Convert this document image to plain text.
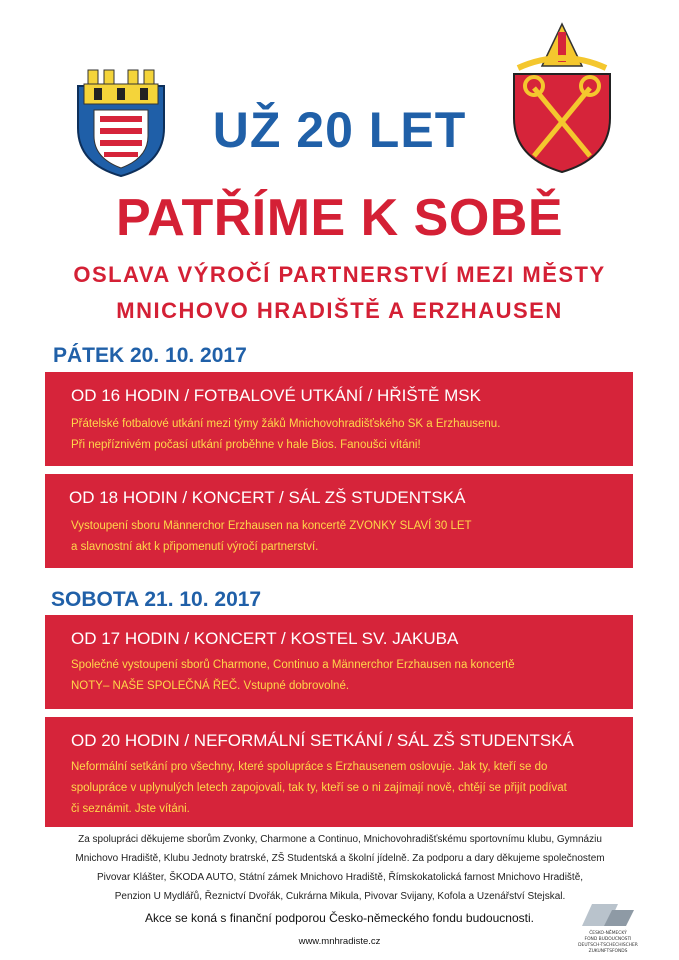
UŽ 20 LET
PATŘÍME K SOBĚ
OSLAVA VÝROČÍ PARTNERSTVÍ MEZI MĚSTY
MNICHOVO HRADIŠTĚ A ERZHAUSEN
PÁTEK 20. 10. 2017
OD 16 HODIN / FOTBALOVÉ UTKÁNÍ / HŘIŠTĚ MSK
Přátelské fotbalové utkání mezi týmy žáků Mnichovohradišťského SK a Erzhausenu.
Při nepříznivém počasí utkání proběhne v hale Bios. Fanoušci vítáni!
OD 18 HODIN / KONCERT / SÁL ZŠ STUDENTSKÁ
Vystoupení sboru Männerchor Erzhausen na koncertě ZVONKY SLAVÍ 30 LET
a slavnostní akt k připomenutí výročí partnerství.
SOBOTA 21. 10. 2017
OD 17 HODIN / KONCERT / KOSTEL SV. JAKUBA
Společné vystoupení sborů Charmone, Continuo a Männerchor Erzhausen na koncertě
NOTY– NAŠE SPOLEČNÁ ŘEČ. Vstupné dobrovolné.
OD 20 HODIN / NEFORMÁLNÍ SETKÁNÍ / SÁL ZŠ STUDENTSKÁ
Neformální setkání pro všechny, které spolupráce s Erzhausenem oslovuje. Jak ty, kteří se do
spolupráce v uplynulých letech zapojovali, tak ty, kteří se o ni zajímají nově, chtějí se přijít podívat
či seznámit. Jste vítáni.
Za spolupráci děkujeme sborům Zvonky, Charmone a Continuo, Mnichovohradišťskému sportovnímu klubu, Gymnáziu
Mnichovo Hradiště, Klubu Jednoty bratrské, ZŠ Studentská a školní jídelně. Za podporu a dary děkujeme společnostem
Pivovar Klášter, ŠKODA AUTO, Státní zámek Mnichovo Hradiště, Římskokatolická farnost Mnichovo Hradiště,
Penzion U Mydlářů, Řeznictví Dvořák, Cukrárna Mikula, Pivovar Svijany, Kofola a Uzenářství Stejskal.
Akce se koná s finanční podporou Česko-německého fondu budoucnosti.
www.mnhradiste.cz
ČESKO-NĚMECKÝ
FOND BUDOUCNOSTI
DEUTSCH-TSCHECHISCHER
ZUKUNFTSFONDS
